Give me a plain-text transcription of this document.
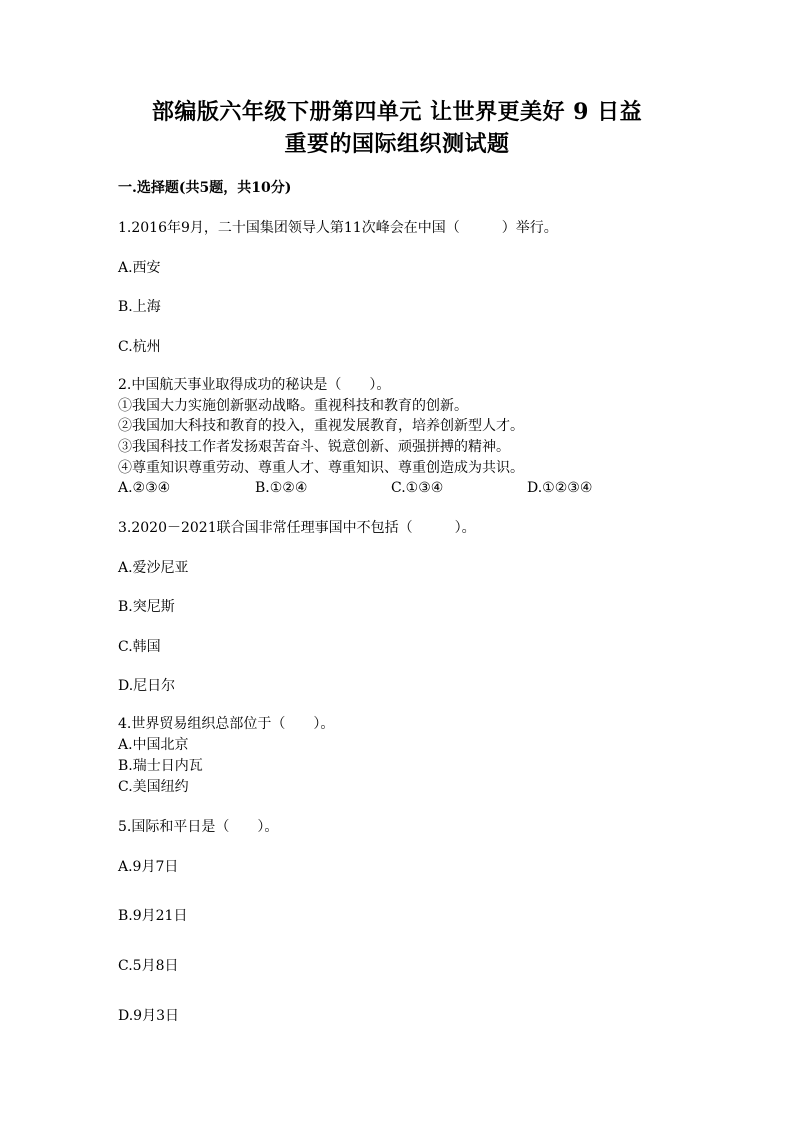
部编版六年级下册第四单元 让世界更美好 9 日益
重要的国际组织测试题
一.选择题(共5题，共10分)
1.2016年9月，二十国集团领导人第11次峰会在中国（　　　）举行。
A.西安
B.上海
C.杭州
2.中国航天事业取得成功的秘诀是（　　）。
①我国大力实施创新驱动战略。重视科技和教育的创新。
②我国加大科技和教育的投入，重视发展教育，培养创新型人才。
③我国科技工作者发扬艰苦奋斗、锐意创新、顽强拼搏的精神。
④尊重知识尊重劳动、尊重人才、尊重知识、尊重创造成为共识。
A.②③④	B.①②④	C.①③④	D.①②③④
3.2020－2021联合国非常任理事国中不包括（　　　）。
A.爱沙尼亚
B.突尼斯
C.韩国
D.尼日尔
4.世界贸易组织总部位于（　　）。
A.中国北京
B.瑞士日内瓦
C.美国纽约
5.国际和平日是（　　）。
A.9月7日
B.9月21日
C.5月8日
D.9月3日
